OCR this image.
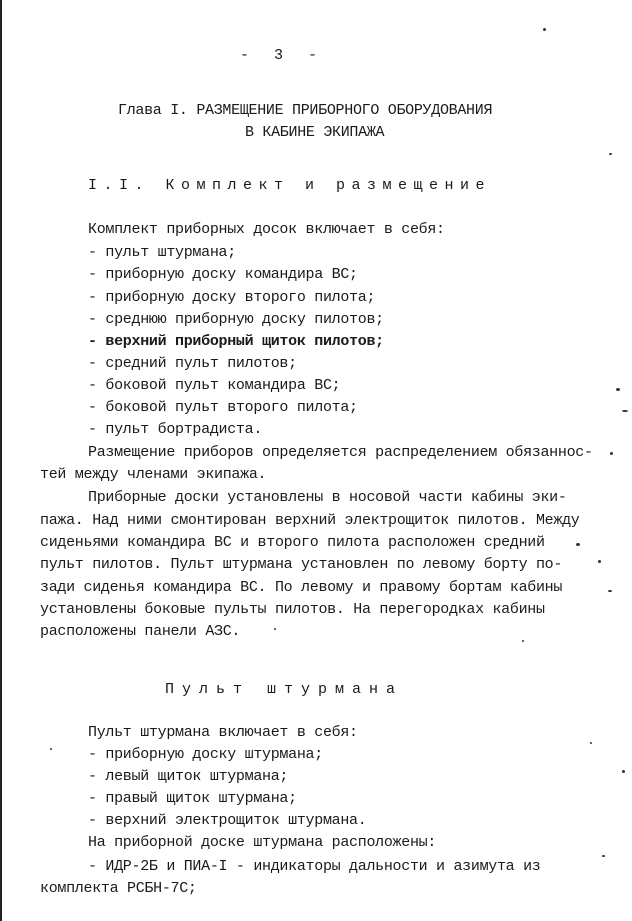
- 3 -
Глава I. РАЗМЕЩЕНИЕ ПРИБОРНОГО ОБОРУДОВАНИЯ
В КАБИНЕ ЭКИПАЖА
I.I. Комплект и размещение
Комплект приборных досок включает в себя:
- пульт штурмана;
- приборную доску командира ВС;
- приборную доску второго пилота;
- среднюю приборную доску пилотов;
- верхний приборный щиток пилотов;
- средний пульт пилотов;
- боковой пульт командира ВС;
- боковой пульт второго пилота;
- пульт бортрадиста.
Размещение приборов определяется распределением обязаннос-
тей между членами экипажа.
Приборные доски установлены в носовой части кабины эки-
пажа. Над ними смонтирован верхний электрощиток пилотов. Между
сиденьями командира ВС и второго пилота расположен средний
пульт пилотов. Пульт штурмана установлен по левому борту по-
зади сиденья командира ВС. По левому и правому бортам кабины
установлены боковые пульты пилотов. На перегородках кабины
расположены панели АЗС.
Пульт штурмана
Пульт штурмана включает в себя:
- приборную доску штурмана;
- левый щиток штурмана;
- правый щиток штурмана;
- верхний электрощиток штурмана.
На приборной доске штурмана расположены:
- ИДР-2Б и ПИА-I - индикаторы дальности и азимута из
комплекта РСБН-7С;
